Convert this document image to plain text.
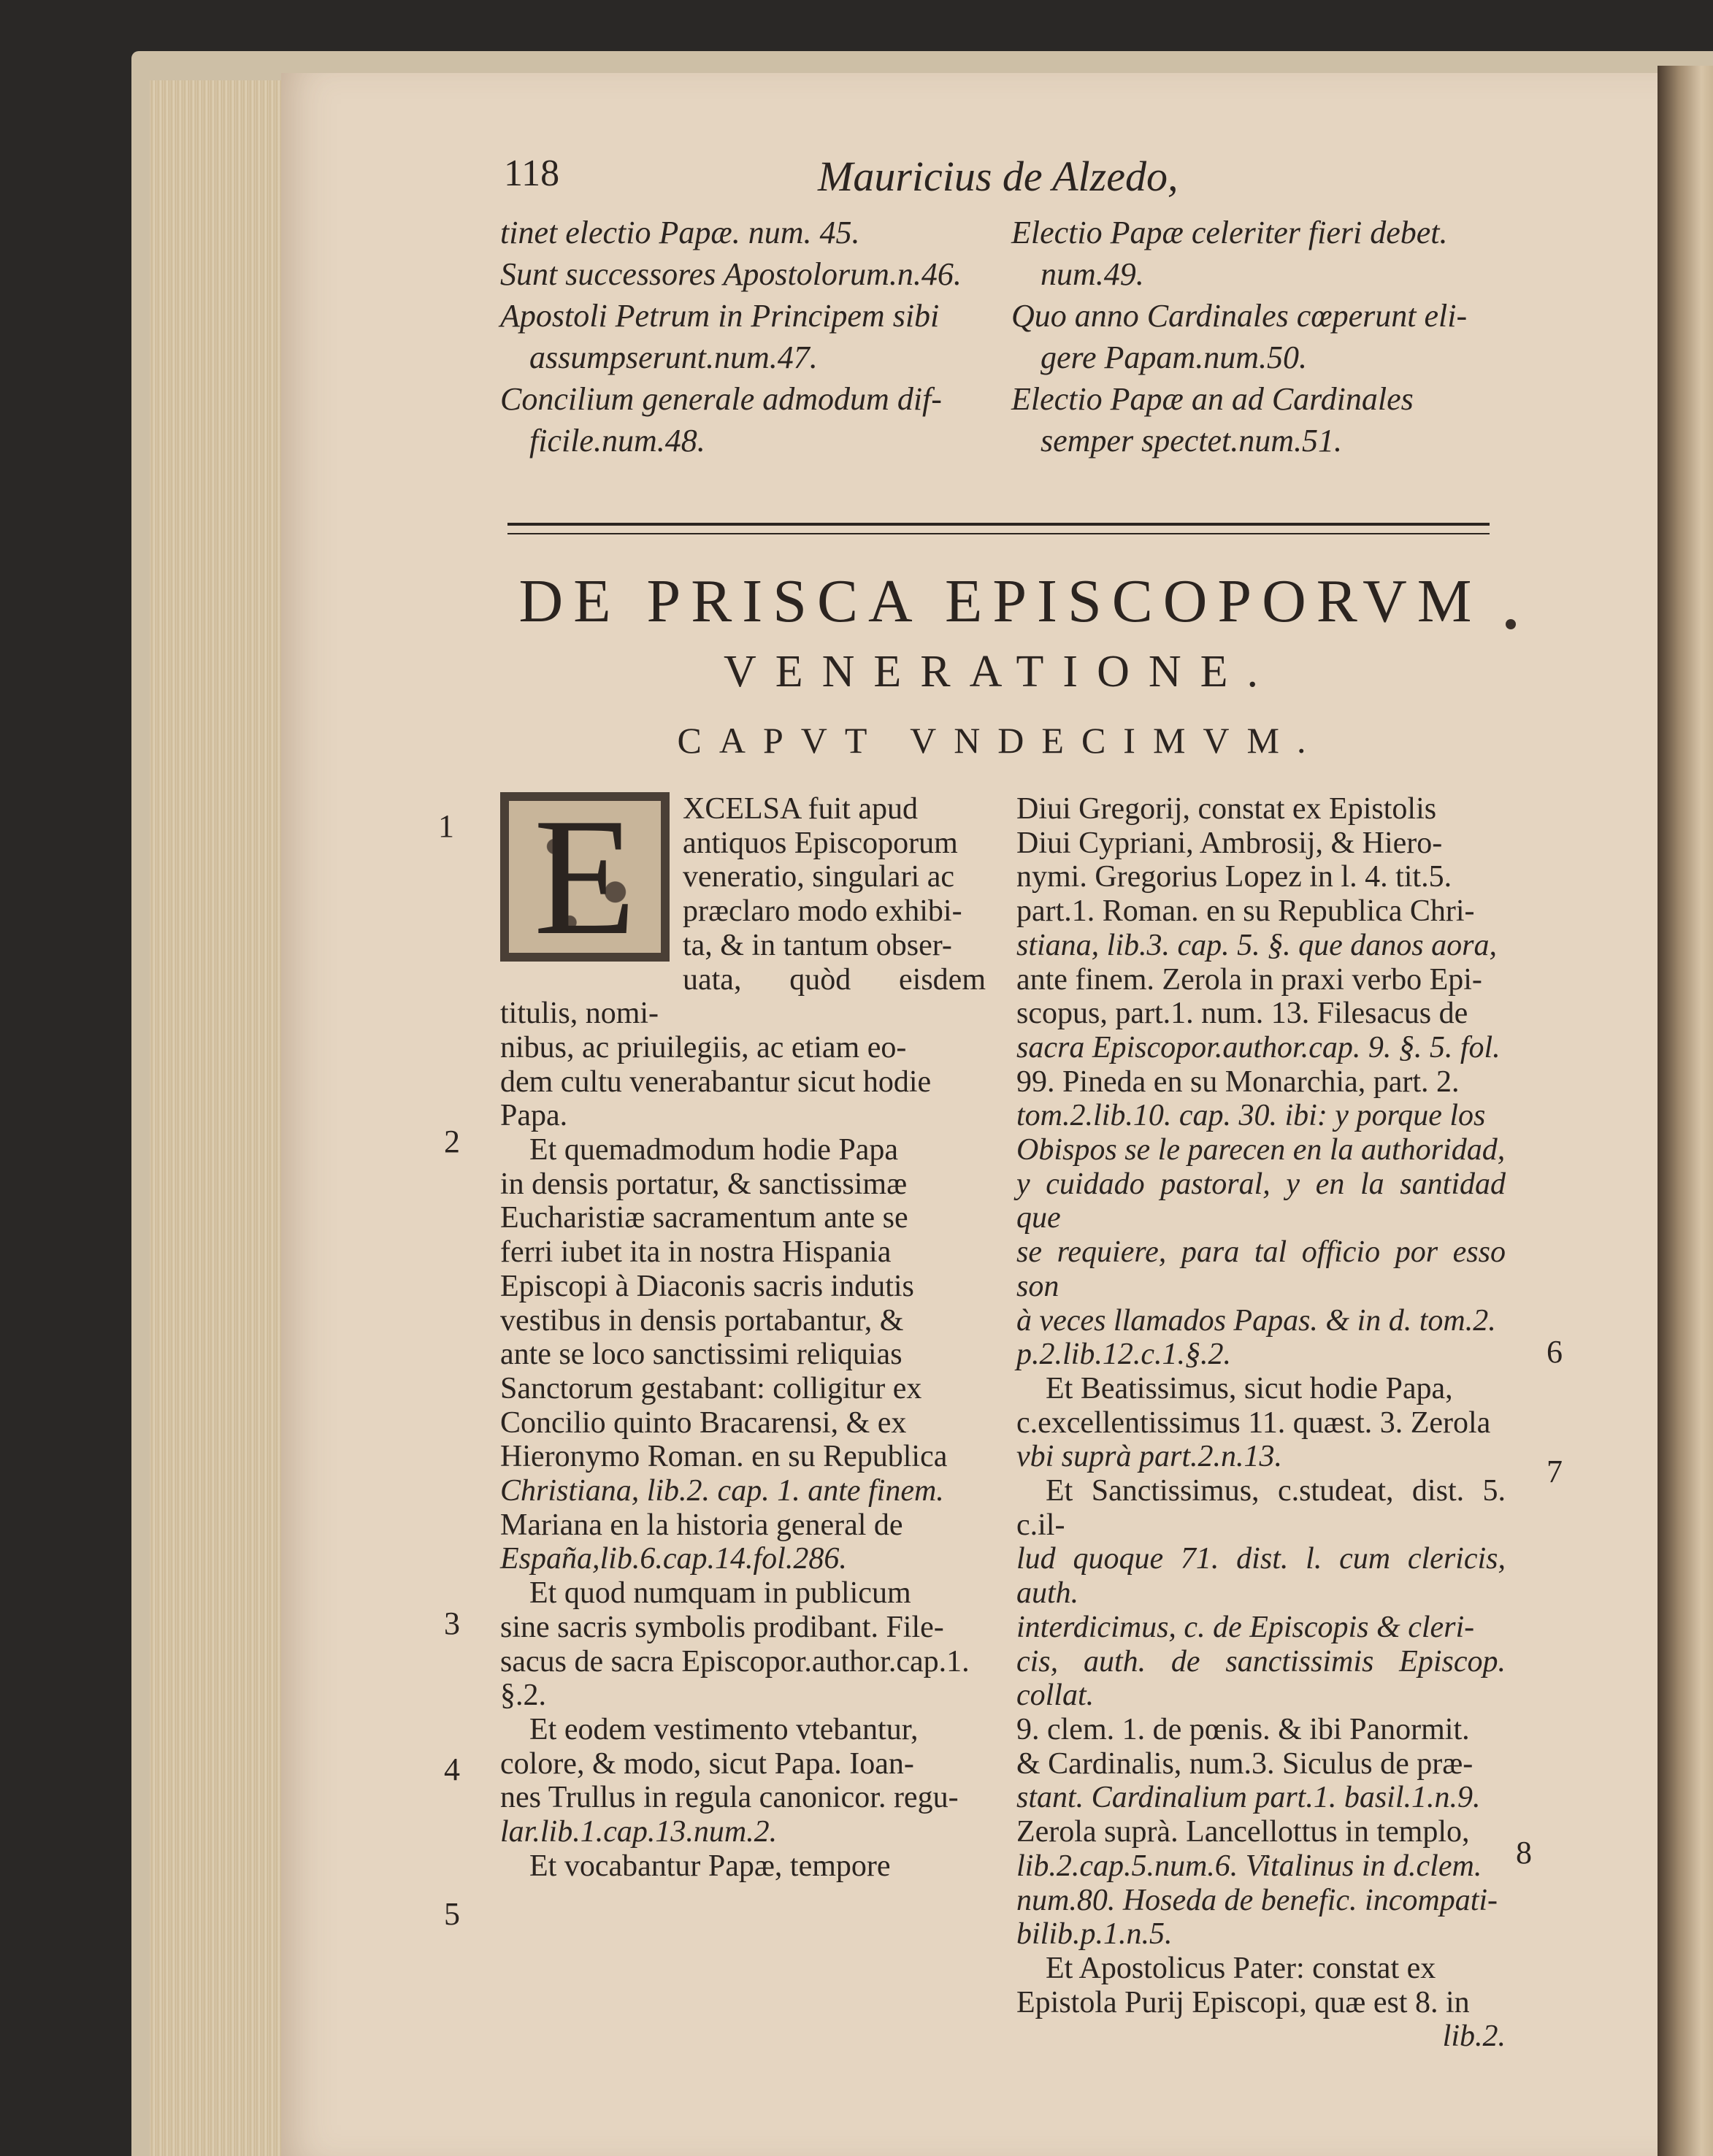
118	Mauricius de Alzedo,

tinet electio Papæ. num. 45.

Sunt successores Apostolorum.n.46.

Apostoli Petrum in Principem sibi

assumpserunt.num.47.

Concilium generale admodum dif-

ficile.num.48.

Electio Papæ celeriter fieri debet.

num.49.

Quo anno Cardinales cœperunt eli-

gere Papam.num.50.

Electio Papæ an ad Cardinales

semper spectet.num.51.

DE PRISCA EPISCOPORVM
VENERATIONE.
CAPVT VNDECIMVM.
E	XCELSA fuit apud

antiquos Episcoporum

veneratio, singulari ac

præclaro modo exhibi-

ta, & in tantum obser-

uata, quòd eisdem titulis, nomi-

nibus, ac priuilegiis, ac etiam eo-

dem cultu venerabantur sicut hodie

Papa.

Et quemadmodum hodie Papa

in densis portatur, & sanctissimæ

Eucharistiæ sacramentum ante se

ferri iubet ita in nostra Hispania

Episcopi à Diaconis sacris indutis

vestibus in densis portabantur, &

ante se loco sanctissimi reliquias

Sanctorum gestabant: colligitur ex

Concilio quinto Bracarensi, & ex

Hieronymo Roman. en su Republica

Christiana, lib.2. cap. 1. ante finem.

Mariana en la historia general de

España,lib.6.cap.14.fol.286.

Et quod numquam in publicum

sine sacris symbolis prodibant. File-

sacus de sacra Episcopor.author.cap.1.

§.2.

Et eodem vestimento vtebantur,

colore, & modo, sicut Papa. Ioan-

nes Trullus in regula canonicor. regu-

lar.lib.1.cap.13.num.2.

Et vocabantur Papæ, tempore

Diui Gregorij, constat ex Epistolis

Diui Cypriani, Ambrosij, & Hiero-

nymi. Gregorius Lopez in l. 4. tit.5.

part.1. Roman. en su Republica Chri-

stiana, lib.3. cap. 5. §. que danos aora,

ante finem. Zerola in praxi verbo Epi-

scopus, part.1. num. 13. Filesacus de

sacra Episcopor.author.cap. 9. §. 5. fol.

99. Pineda en su Monarchia, part. 2.

tom.2.lib.10. cap. 30. ibi: y porque los

Obispos se le parecen en la authoridad,

y cuidado pastoral, y en la santidad que

se requiere, para tal officio por esso son

à veces llamados Papas. & in d. tom.2.

p.2.lib.12.c.1.§.2.

Et Beatissimus, sicut hodie Papa,

c.excellentissimus 11. quæst. 3. Zerola

vbi suprà part.2.n.13.

Et Sanctissimus, c.studeat, dist. 5. c.il-

lud quoque 71. dist. l. cum clericis, auth.

interdicimus, c. de Episcopis & cleri-

cis, auth. de sanctissimis Episcop. collat.

9. clem. 1. de pœnis. & ibi Panormit.

& Cardinalis, num.3. Siculus de præ-

stant. Cardinalium part.1. basil.1.n.9.

Zerola suprà. Lancellottus in templo,

lib.2.cap.5.num.6. Vitalinus in d.clem.

num.80. Hoseda de benefic. incompati-

bilib.p.1.n.5.

Et Apostolicus Pater: constat ex

Epistola Purij Episcopi, quæ est 8. in

lib.2.

1
2
3
4
5
6
7
8
